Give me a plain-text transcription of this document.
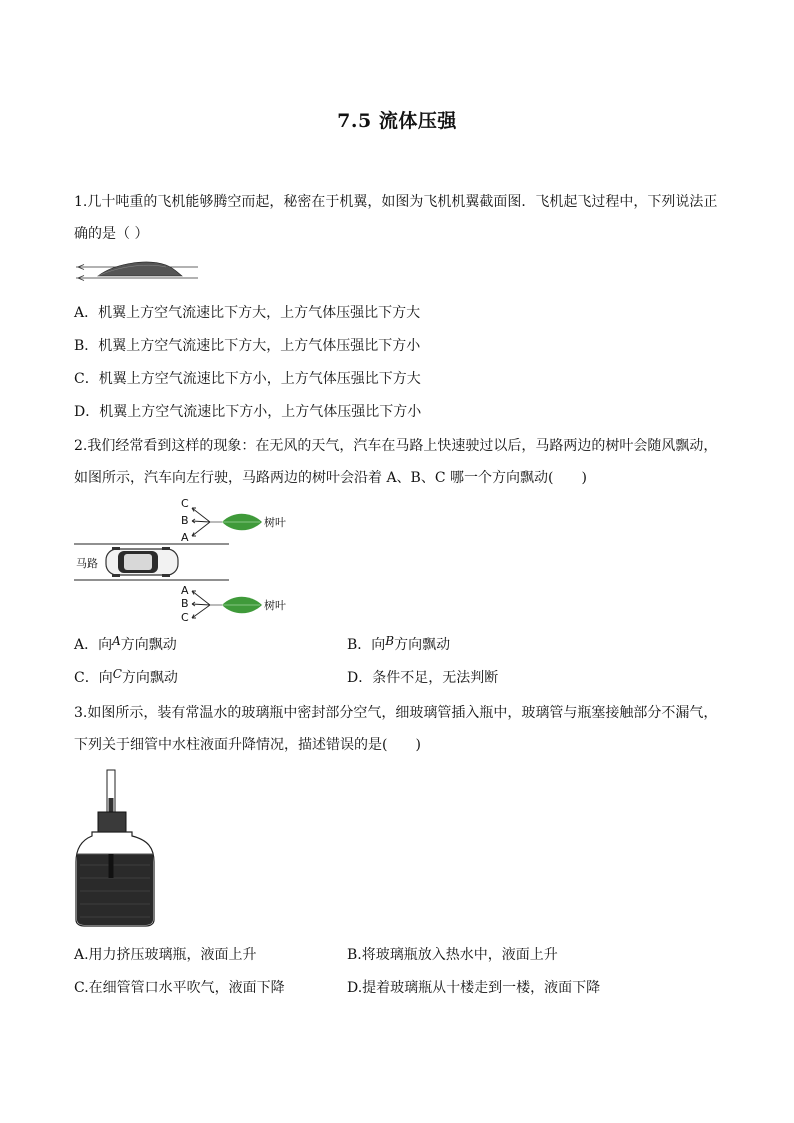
7.5 流体压强
1.几十吨重的飞机能够腾空而起，秘密在于机翼，如图为飞机机翼截面图．飞机起飞过程中，下列说法正确的是（ ）
A．机翼上方空气流速比下方大，上方气体压强比下方大
B．机翼上方空气流速比下方大，上方气体压强比下方小
C．机翼上方空气流速比下方小，上方气体压强比下方大
D．机翼上方空气流速比下方小，上方气体压强比下方小
2.我们经常看到这样的现象：在无风的天气，汽车在马路上快速驶过以后，马路两边的树叶会随风飘动，如图所示，汽车向左行驶，马路两边的树叶会沿着 A、B、C 哪一个方向飘动(　　)
C
B
A
树叶
马路
A
B
C
树叶
A．向A方向飘动	B．向B方向飘动
C．向C方向飘动	D．条件不足，无法判断
3.如图所示，装有常温水的玻璃瓶中密封部分空气，细玻璃管插入瓶中，玻璃管与瓶塞接触部分不漏气，下列关于细管中水柱液面升降情况，描述错误的是(　　)
A.用力挤压玻璃瓶，液面上升	B.将玻璃瓶放入热水中，液面上升
C.在细管管口水平吹气，液面下降	D.提着玻璃瓶从十楼走到一楼，液面下降
